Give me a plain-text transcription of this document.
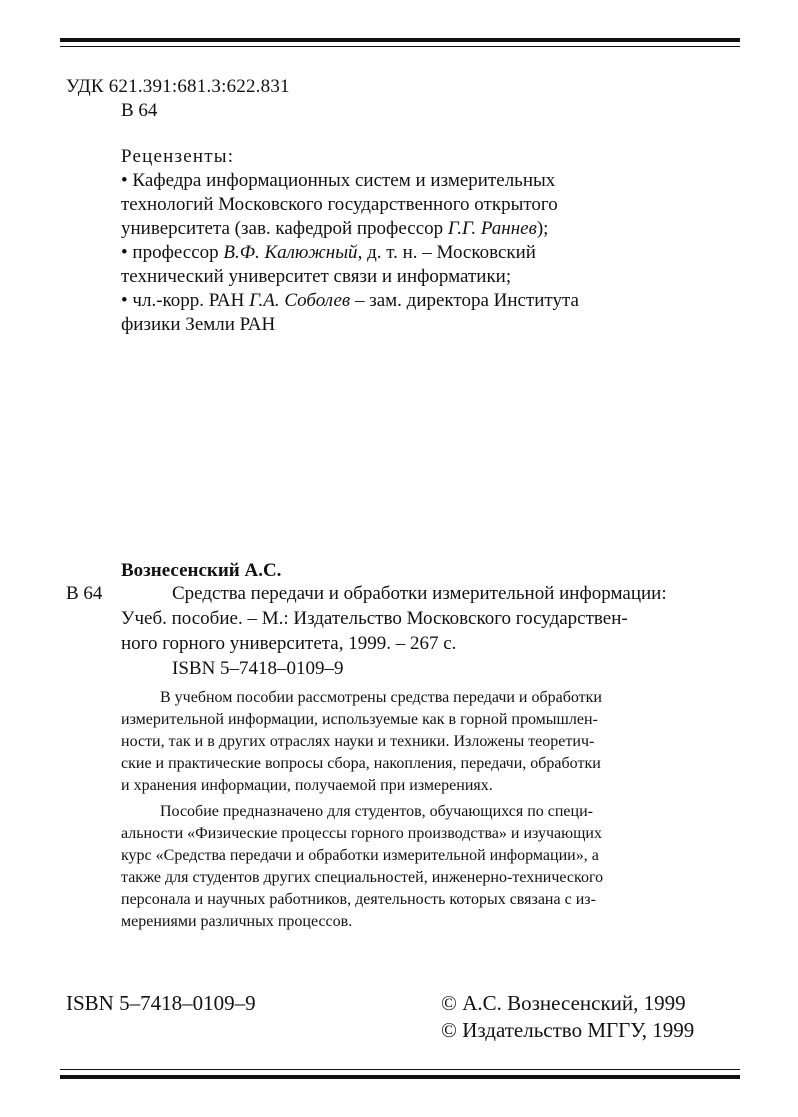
УДК 621.391:681.3:622.831
В 64
Рецензенты:
• Кафедра информационных систем и измерительных
технологий Московского государственного открытого
университета (зав. кафедрой профессор Г.Г. Раннев);
• профессор В.Ф. Калюжный, д. т. н. – Московский
технический университет связи и информатики;
• чл.-корр. РАН Г.А. Соболев – зам. директора Института
физики Земли РАН
Вознесенский А.С.
В 64	Средства передачи и обработки измерительной информации:
Учеб. пособие. – М.: Издательство Московского государствен-
ного горного университета, 1999. – 267 с.
ISBN 5–7418–0109–9
В учебном пособии рассмотрены средства передачи и обработки
измерительной информации, используемые как в горной промышлен-
ности, так и в других отраслях науки и техники. Изложены теоретич-
ские и практические вопросы сбора, накопления, передачи, обработки
и хранения информации, получаемой при измерениях.
Пособие предназначено для студентов, обучающихся по специ-
альности «Физические процессы горного производства» и изучающих
курс «Средства передачи и обработки измерительной информации», а
также для студентов других специальностей, инженерно-технического
персонала и научных работников, деятельность которых связана с из-
мерениями различных процессов.
ISBN 5–7418–0109–9	© А.С. Вознесенский, 1999
© Издательство МГГУ, 1999
